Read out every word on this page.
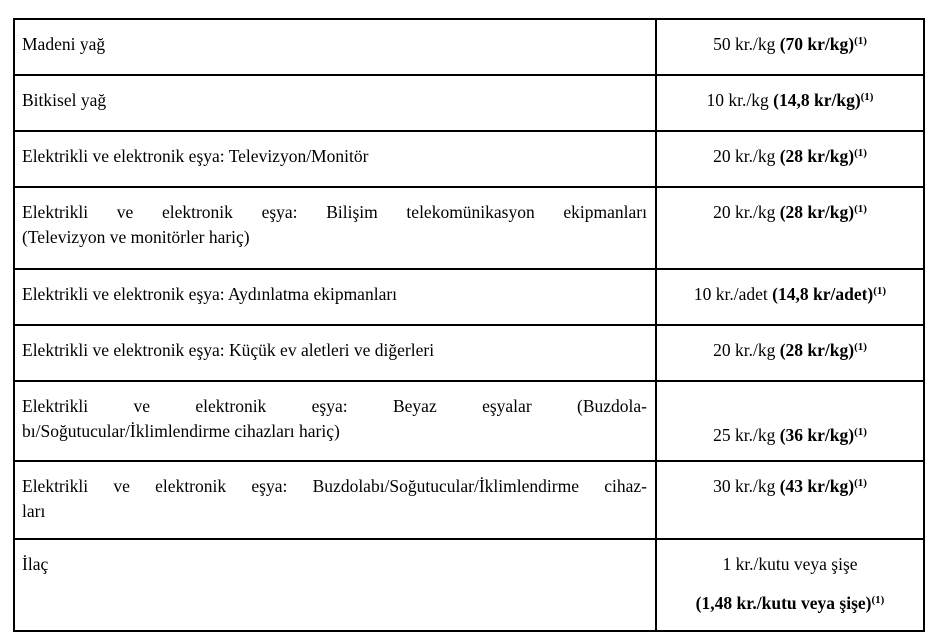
Madeni yağ	50 kr./kg (70 kr/kg)$^{(1)}$
Bitkisel yağ	10 kr./kg (14,8 kr/kg)$^{(1)}$
Elektrikli ve elektronik eşya: Televizyon/Monitör	20 kr./kg (28 kr/kg)$^{(1)}$

Elektrikli ve elektronik eşya: Bilişim telekomünikasyon ekipmanları
(Televizyon ve monitörler hariç)	20 kr./kg (28 kr/kg)$^{(1)}$
Elektrikli ve elektronik eşya: Aydınlatma ekipmanları	10 kr./adet (14,8 kr/adet)$^{(1)}$
Elektrikli ve elektronik eşya: Küçük ev aletleri ve diğerleri	20 kr./kg (28 kr/kg)$^{(1)}$

Elektrikli ve elektronik eşya: Beyaz eşyalar (Buzdola-
bı/Soğutucular/İklimlendirme cihazları hariç)	25 kr./kg (36 kr/kg)$^{(1)}$

Elektrikli ve elektronik eşya: Buzdolabı/Soğutucular/İklimlendirme cihaz-
ları	30 kr./kg (43 kr/kg)$^{(1)}$
İlaç	1 kr./kutu veya şişe
(1,48 kr./kutu veya şişe)$^{(1)}$
